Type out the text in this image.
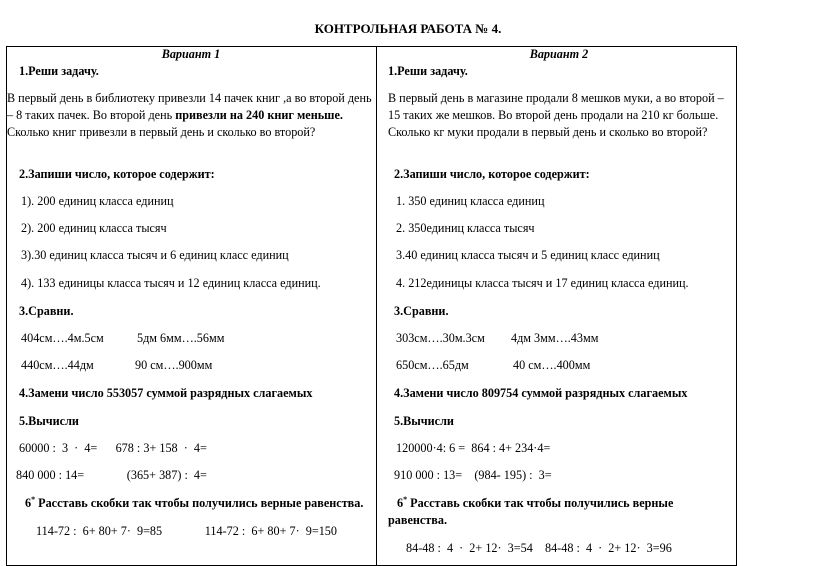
КОНТРОЛЬНАЯ РАБОТА № 4.
Вариант 1
1.Реши задачу.
В первый день в библиотеку привезли 14 пачек книг ,а во второй день – 8 таких пачек. Во второй день привезли на 240 книг меньше. Сколько книг привезли в первый день и сколько во второй?
2.Запиши число, которое содержит:
1). 200 единиц класса единиц
2). 200 единиц класса тысяч
3).30 единиц класса тысяч и 6 единиц класс единиц
4). 133 единицы класса тысяч и 12 единиц класса единиц.
3.Сравни.
404см….4м.5см	5дм 6мм….56мм
440см….44дм	90 см….900мм
4.Замени число 553057 суммой разрядных слагаемых
5.Вычисли
60000 :  3  ·  4=      678 : 3+ 158  ·  4=
840 000 : 14=              (365+ 387) :  4=
6* Расставь скобки так чтобы получились верные равенства.
114-72 :  6+ 80+ 7·  9=85              114-72 :  6+ 80+ 7·  9=150
Вариант 2
1.Реши задачу.
В первый день в магазине продали 8 мешков муки, а во второй – 15 таких же мешков. Во второй день продали на 210 кг больше. Сколько кг муки продали в первый день и сколько во второй?
2.Запиши число, которое содержит:
1. 350 единиц класса единиц
2. 350единиц класса тысяч
3.40 единиц класса тысяч и 5 единиц класс единиц
4. 212единицы класса тысяч и 17 единиц класса единиц.
3.Сравни.
303см….30м.3см 4дм 3мм….43мм
650см….65дм	40 см….400мм
4.Замени число 809754 суммой разрядных слагаемых
5.Вычисли
120000·4: 6 =  864 : 4+ 234·4=
910 000 : 13=    (984- 195) :  3=
6* Расставь скобки так чтобы получились верные равенства.
84-48 :  4  ·  2+ 12·  3=54    84-48 :  4  ·  2+ 12·  3=96
